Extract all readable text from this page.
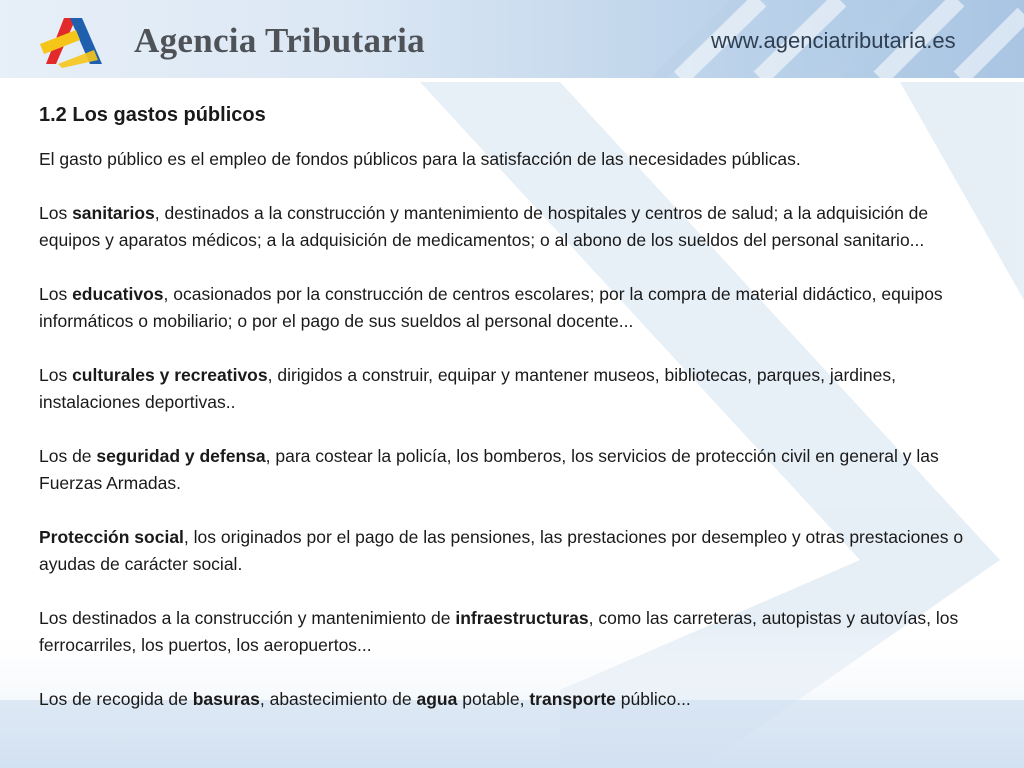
Agencia Tributaria	www.agenciatributaria.es
1.2 Los gastos públicos

El gasto público es el empleo de fondos públicos para la satisfacción de las necesidades públicas.

Los sanitarios, destinados a la construcción y mantenimiento de hospitales y centros de salud; a la adquisición de equipos y aparatos médicos; a la adquisición de medicamentos; o al abono de los sueldos del personal sanitario...

Los educativos, ocasionados por la construcción de centros escolares; por la compra de material didáctico, equipos informáticos o mobiliario; o por el pago de sus sueldos al personal docente...

Los culturales y recreativos, dirigidos a construir, equipar y mantener museos, bibliotecas, parques, jardines, instalaciones deportivas..

Los de seguridad y defensa, para costear la policía, los bomberos, los servicios de protección civil en general y las Fuerzas Armadas.

Protección social, los originados por el pago de las pensiones, las prestaciones por desempleo y otras prestaciones o ayudas de carácter social.

Los destinados a la construcción y mantenimiento de infraestructuras, como las carreteras, autopistas y autovías, los ferrocarriles, los puertos, los aeropuertos...

Los de recogida de basuras, abastecimiento de agua potable, transporte público...
